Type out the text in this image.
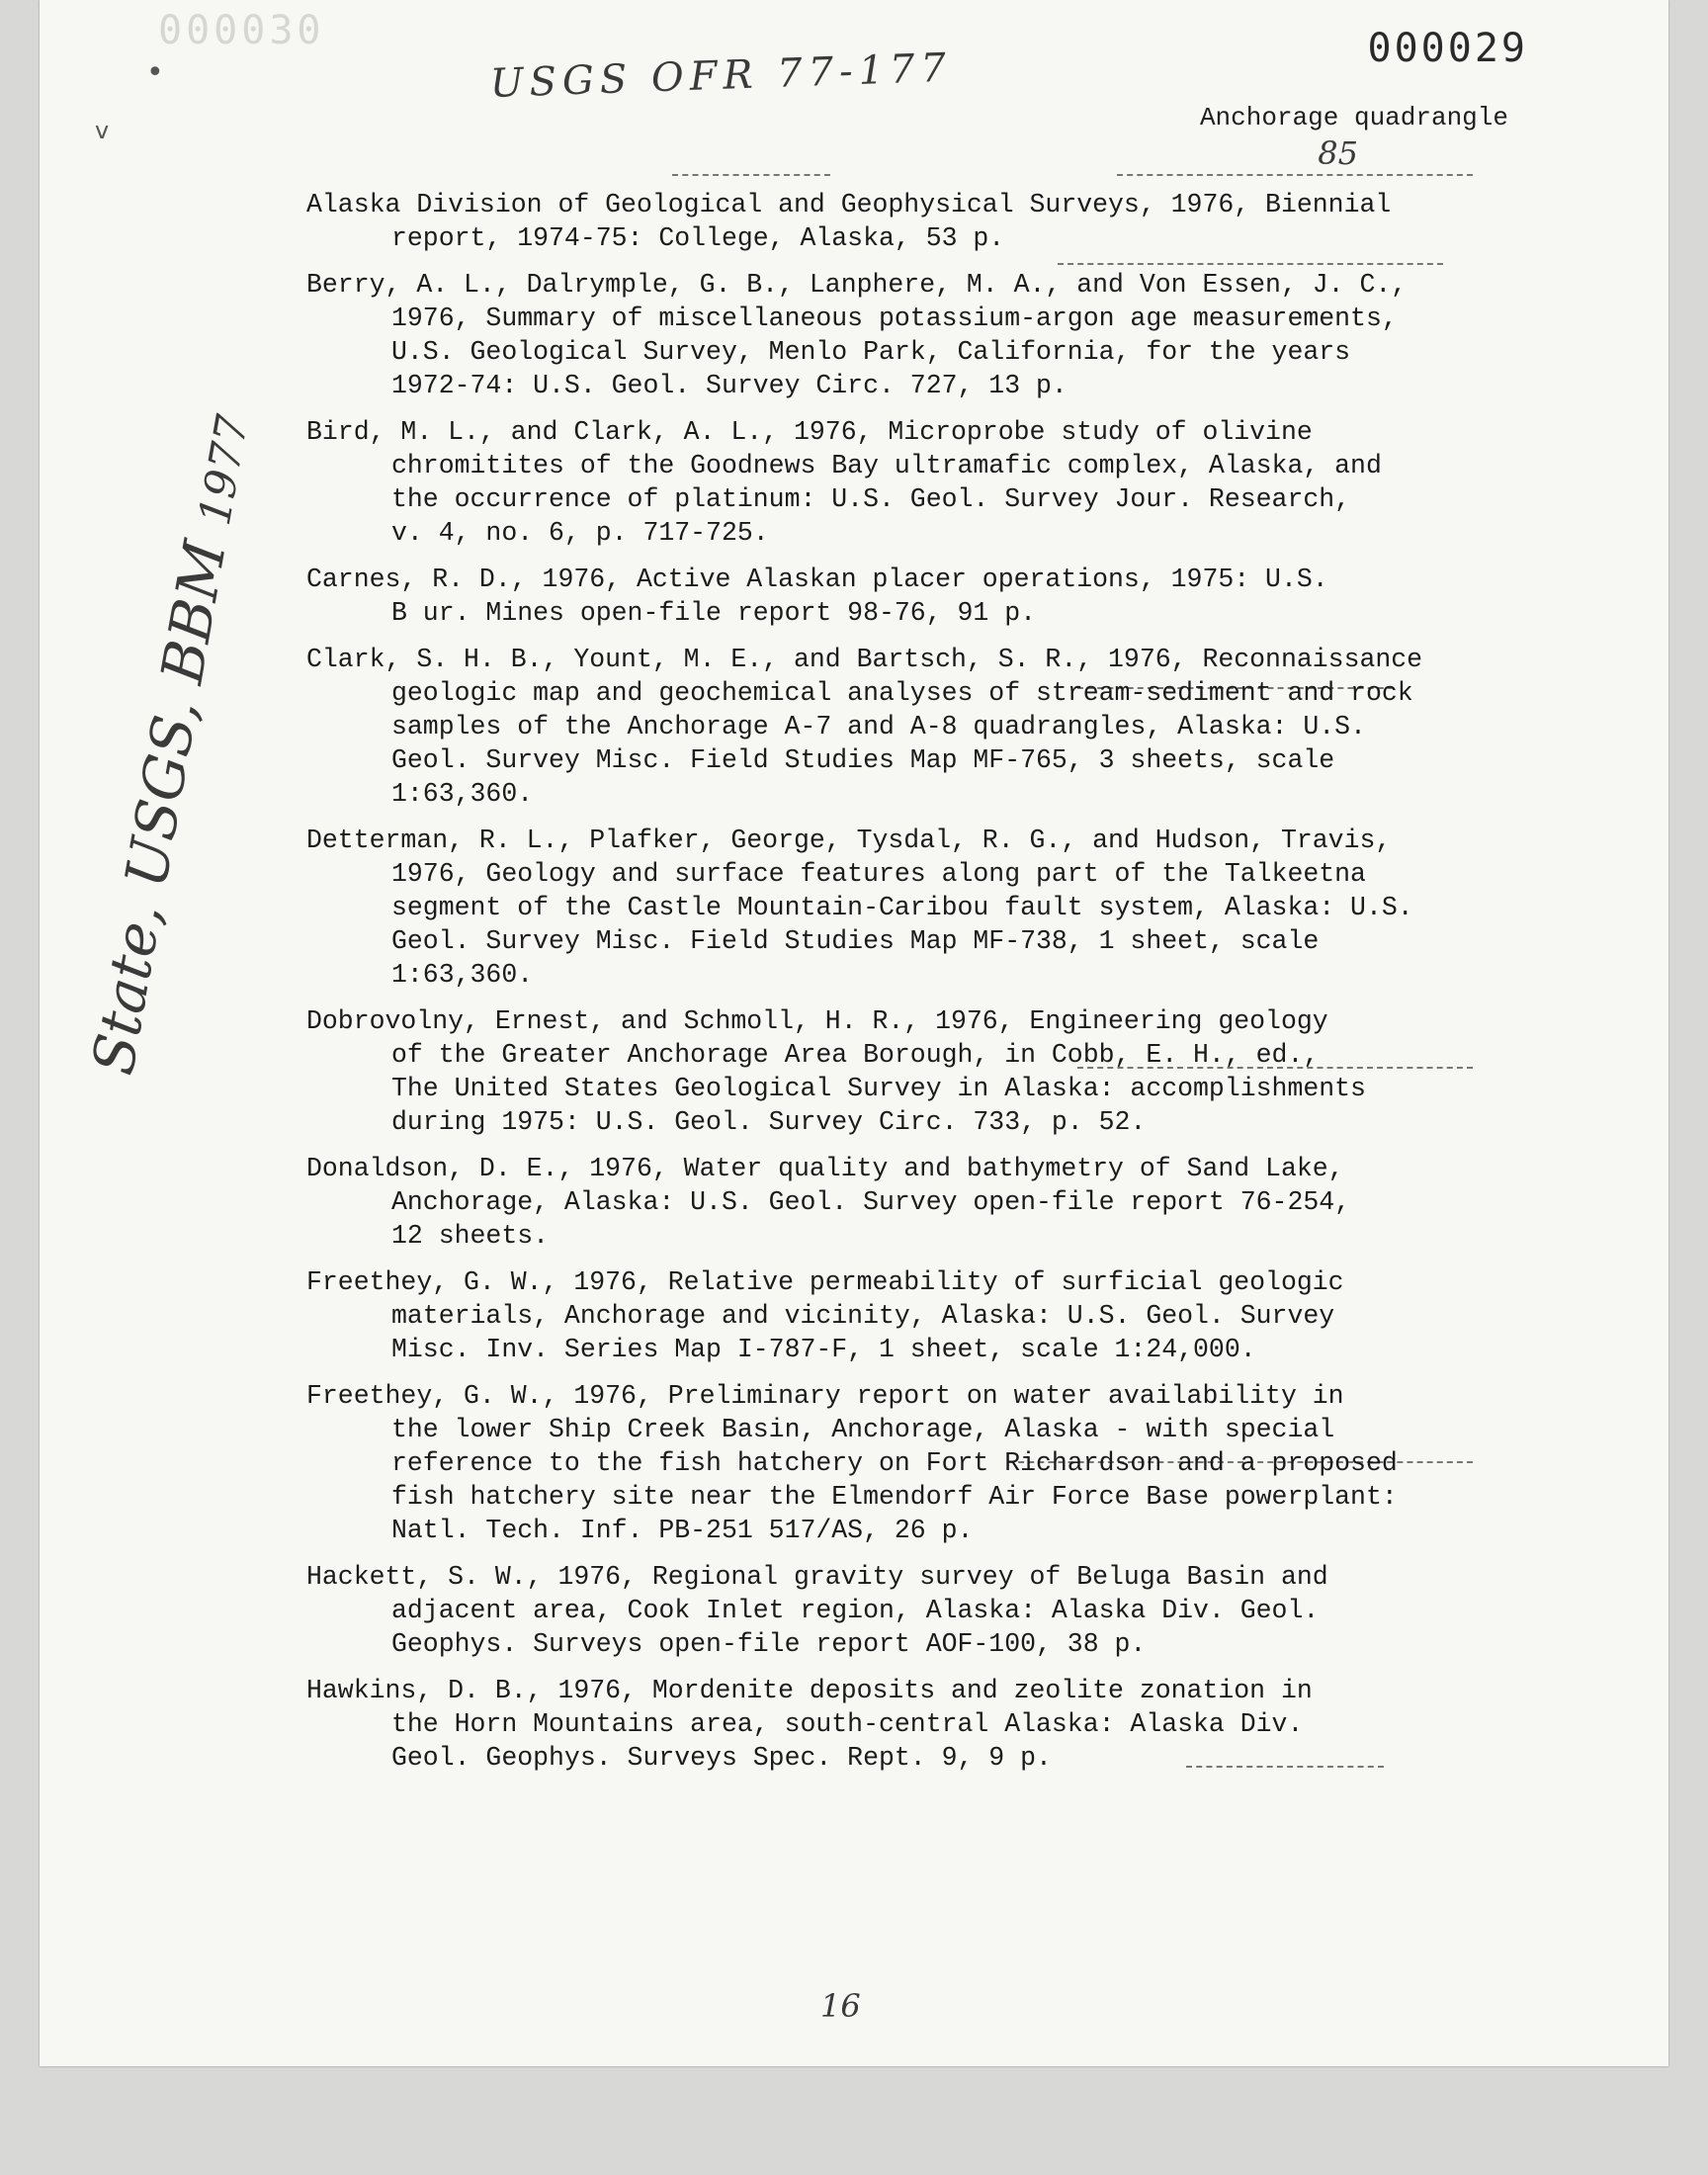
000030	000029
USGS OFR 77-177
Anchorage quadrangle
85
State, USGS, BBM 1977
•
ⅴ
Alaska Division of Geological and Geophysical Surveys, 1976, Biennial
report, 1974-75: College, Alaska, 53 p.
Berry, A. L., Dalrymple, G. B., Lanphere, M. A., and Von Essen, J. C.,
1976, Summary of miscellaneous potassium-argon age measurements,
U.S. Geological Survey, Menlo Park, California, for the years
1972-74: U.S. Geol. Survey Circ. 727, 13 p.
Bird, M. L., and Clark, A. L., 1976, Microprobe study of olivine
chromitites of the Goodnews Bay ultramafic complex, Alaska, and
the occurrence of platinum: U.S. Geol. Survey Jour. Research,
v. 4, no. 6, p. 717-725.
Carnes, R. D., 1976, Active Alaskan placer operations, 1975: U.S.
B ur. Mines open-file report 98-76, 91 p.
Clark, S. H. B., Yount, M. E., and Bartsch, S. R., 1976, Reconnaissance
geologic map and geochemical analyses of stream-sediment and rock
samples of the Anchorage A-7 and A-8 quadrangles, Alaska: U.S.
Geol. Survey Misc. Field Studies Map MF-765, 3 sheets, scale
1:63,360.
Detterman, R. L., Plafker, George, Tysdal, R. G., and Hudson, Travis,
1976, Geology and surface features along part of the Talkeetna
segment of the Castle Mountain-Caribou fault system, Alaska: U.S.
Geol. Survey Misc. Field Studies Map MF-738, 1 sheet, scale
1:63,360.
Dobrovolny, Ernest, and Schmoll, H. R., 1976, Engineering geology
of the Greater Anchorage Area Borough, in Cobb, E. H., ed.,
The United States Geological Survey in Alaska: accomplishments
during 1975: U.S. Geol. Survey Circ. 733, p. 52.
Donaldson, D. E., 1976, Water quality and bathymetry of Sand Lake,
Anchorage, Alaska: U.S. Geol. Survey open-file report 76-254,
12 sheets.
Freethey, G. W., 1976, Relative permeability of surficial geologic
materials, Anchorage and vicinity, Alaska: U.S. Geol. Survey
Misc. Inv. Series Map I-787-F, 1 sheet, scale 1:24,000.
Freethey, G. W., 1976, Preliminary report on water availability in
the lower Ship Creek Basin, Anchorage, Alaska - with special
reference to the fish hatchery on Fort Richardson and a proposed
fish hatchery site near the Elmendorf Air Force Base powerplant:
Natl. Tech. Inf. PB-251 517/AS, 26 p.
Hackett, S. W., 1976, Regional gravity survey of Beluga Basin and
adjacent area, Cook Inlet region, Alaska: Alaska Div. Geol.
Geophys. Surveys open-file report AOF-100, 38 p.
Hawkins, D. B., 1976, Mordenite deposits and zeolite zonation in
the Horn Mountains area, south-central Alaska: Alaska Div.
Geol. Geophys. Surveys Spec. Rept. 9, 9 p.
16
